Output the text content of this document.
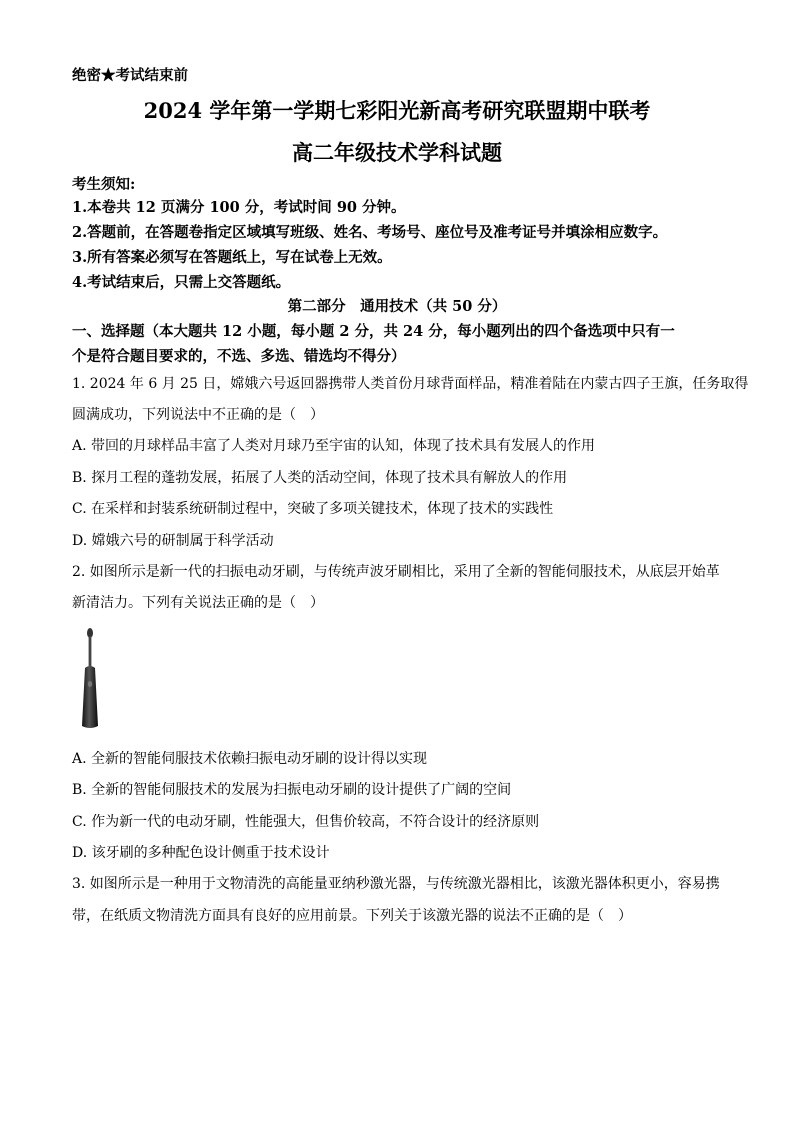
绝密★考试结束前
2024 学年第一学期七彩阳光新高考研究联盟期中联考
高二年级技术学科试题
考生须知:
1.本卷共 12 页满分 100 分，考试时间 90 分钟。
2.答题前，在答题卷指定区域填写班级、姓名、考场号、座位号及准考证号并填涂相应数字。
3.所有答案必须写在答题纸上，写在试卷上无效。
4.考试结束后，只需上交答题纸。
第二部分　通用技术（共 50 分）
一、选择题（本大题共 12 小题，每小题 2 分，共 24 分，每小题列出的四个备选项中只有一
个是符合题目要求的，不选、多选、错选均不得分）
1. 2024 年 6 月 25 日，嫦娥六号返回器携带人类首份月球背面样品，精准着陆在内蒙古四子王旗，任务取得
圆满成功，下列说法中不正确的是（　）
A. 带回的月球样品丰富了人类对月球乃至宇宙的认知，体现了技术具有发展人的作用
B. 探月工程的蓬勃发展，拓展了人类的活动空间，体现了技术具有解放人的作用
C. 在采样和封装系统研制过程中，突破了多项关键技术，体现了技术的实践性
D. 嫦娥六号的研制属于科学活动
2. 如图所示是新一代的扫振电动牙刷，与传统声波牙刷相比，采用了全新的智能伺服技术，从底层开始革
新清洁力。下列有关说法正确的是（　）
A. 全新的智能伺服技术依赖扫振电动牙刷的设计得以实现
B. 全新的智能伺服技术的发展为扫振电动牙刷的设计提供了广阔的空间
C. 作为新一代的电动牙刷，性能强大，但售价较高，不符合设计的经济原则
D. 该牙刷的多种配色设计侧重于技术设计
3. 如图所示是一种用于文物清洗的高能量亚纳秒激光器，与传统激光器相比，该激光器体积更小，容易携
带，在纸质文物清洗方面具有良好的应用前景。下列关于该激光器的说法不正确的是（　）
